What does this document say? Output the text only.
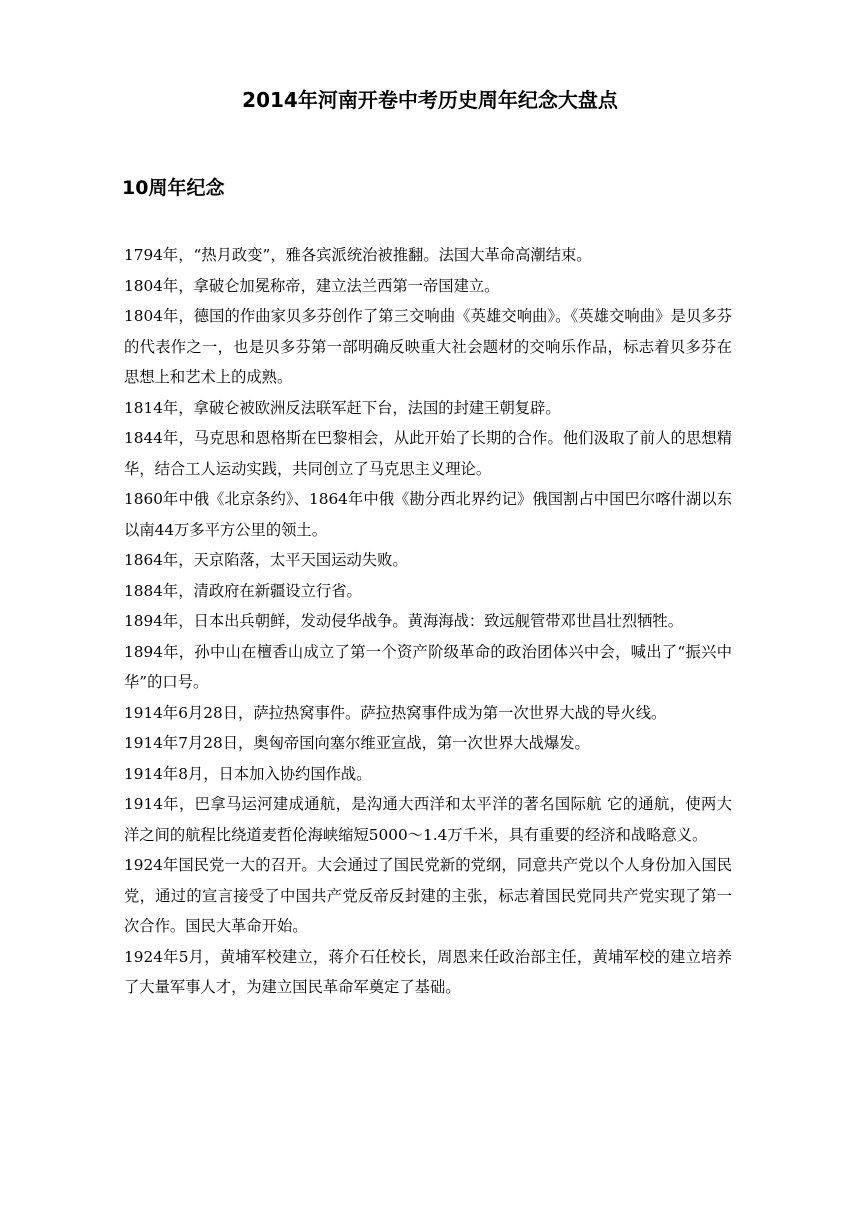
2014年河南开卷中考历史周年纪念大盘点
10周年纪念
1794年，“热月政变”，雅各宾派统治被推翻。法国大革命高潮结束。
1804年，拿破仑加冕称帝，建立法兰西第一帝国建立。
1804年，德国的作曲家贝多芬创作了第三交响曲《英雄交响曲》。《英雄交响曲》是贝多芬的代表作之一，也是贝多芬第一部明确反映重大社会题材的交响乐作品，标志着贝多芬在思想上和艺术上的成熟。
1814年，拿破仑被欧洲反法联军赶下台，法国的封建王朝复辟。
1844年，马克思和恩格斯在巴黎相会，从此开始了长期的合作。他们汲取了前人的思想精华，结合工人运动实践，共同创立了马克思主义理论。
1860年中俄《北京条约》、1864年中俄《勘分西北界约记》俄国割占中国巴尔喀什湖以东以南44万多平方公里的领土。
1864年，天京陷落，太平天国运动失败。
1884年，清政府在新疆设立行省。
1894年，日本出兵朝鲜，发动侵华战争。黄海海战：致远舰管带邓世昌壮烈牺牲。
1894年，孙中山在檀香山成立了第一个资产阶级革命的政治团体兴中会，喊出了“振兴中华”的口号。
1914年6月28日，萨拉热窝事件。萨拉热窝事件成为第一次世界大战的导火线。
1914年7月28日，奥匈帝国向塞尔维亚宣战，第一次世界大战爆发。
1914年8月，日本加入协约国作战。
1914年，巴拿马运河建成通航，是沟通大西洋和太平洋的著名国际航 它的通航，使两大洋之间的航程比绕道麦哲伦海峡缩短5000～1.4万千米，具有重要的经济和战略意义。
1924年国民党一大的召开。大会通过了国民党新的党纲，同意共产党以个人身份加入国民党，通过的宣言接受了中国共产党反帝反封建的主张，标志着国民党同共产党实现了第一次合作。国民大革命开始。
1924年5月，黄埔军校建立，蒋介石任校长，周恩来任政治部主任，黄埔军校的建立培养了大量军事人才，为建立国民革命军奠定了基础。
